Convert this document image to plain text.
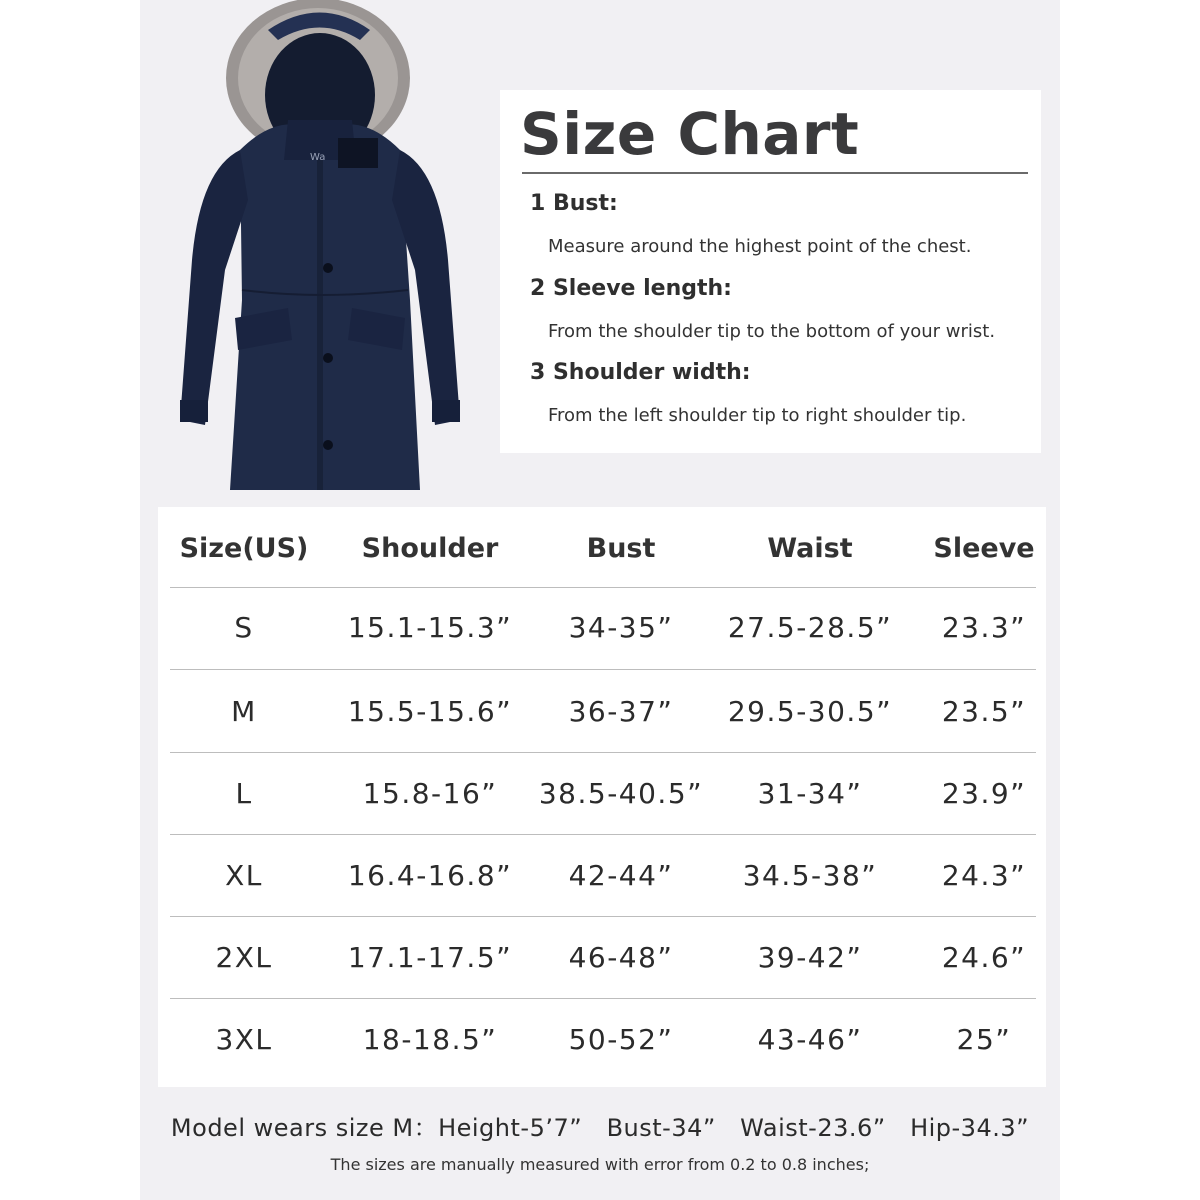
Wa	Size Chart
1 Bust:
Measure around the highest point of the chest.
2 Sleeve length:
From the shoulder tip to the bottom of your wrist.
3 Shoulder width:
From the left shoulder tip to right shoulder tip.
Size(US)	Shoulder	Bust	Waist	Sleeve
S	15.1-15.3”	34-35”	27.5-28.5”	23.3”
M	15.5-15.6”	36-37”	29.5-30.5”	23.5”
L	15.8-16”	38.5-40.5”	31-34”	23.9”
XL	16.4-16.8”	42-44”	34.5-38”	24.3”
2XL	17.1-17.5”	46-48”	39-42”	24.6”
3XL	18-18.5”	50-52”	43-46”	25”
Model wears size M：Height-5’7”   Bust-34”   Waist-23.6”   Hip-34.3”
The sizes are manually measured with error from 0.2 to 0.8 inches;
